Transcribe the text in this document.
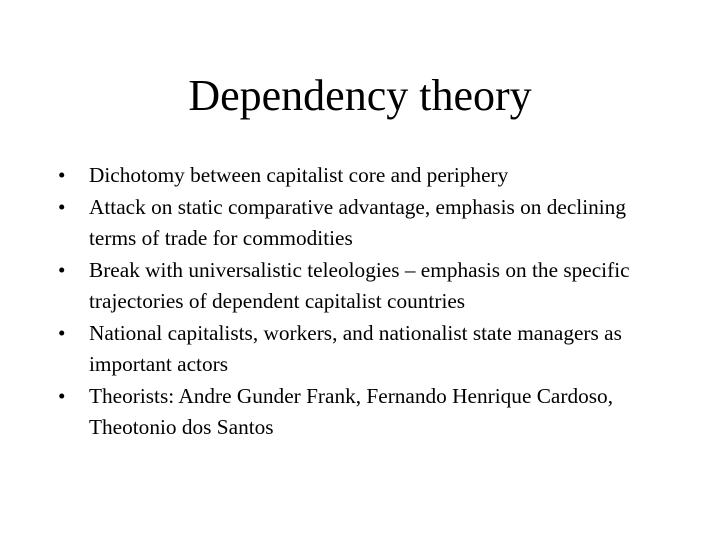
Dependency theory
• Dichotomy between capitalist core and periphery
• Attack on static comparative advantage, emphasis on declining terms of trade for commodities
• Break with universalistic teleologies – emphasis on the specific trajectories of dependent capitalist countries
• National capitalists, workers, and nationalist state managers as important actors
• Theorists: Andre Gunder Frank, Fernando Henrique Cardoso, Theotonio dos Santos
